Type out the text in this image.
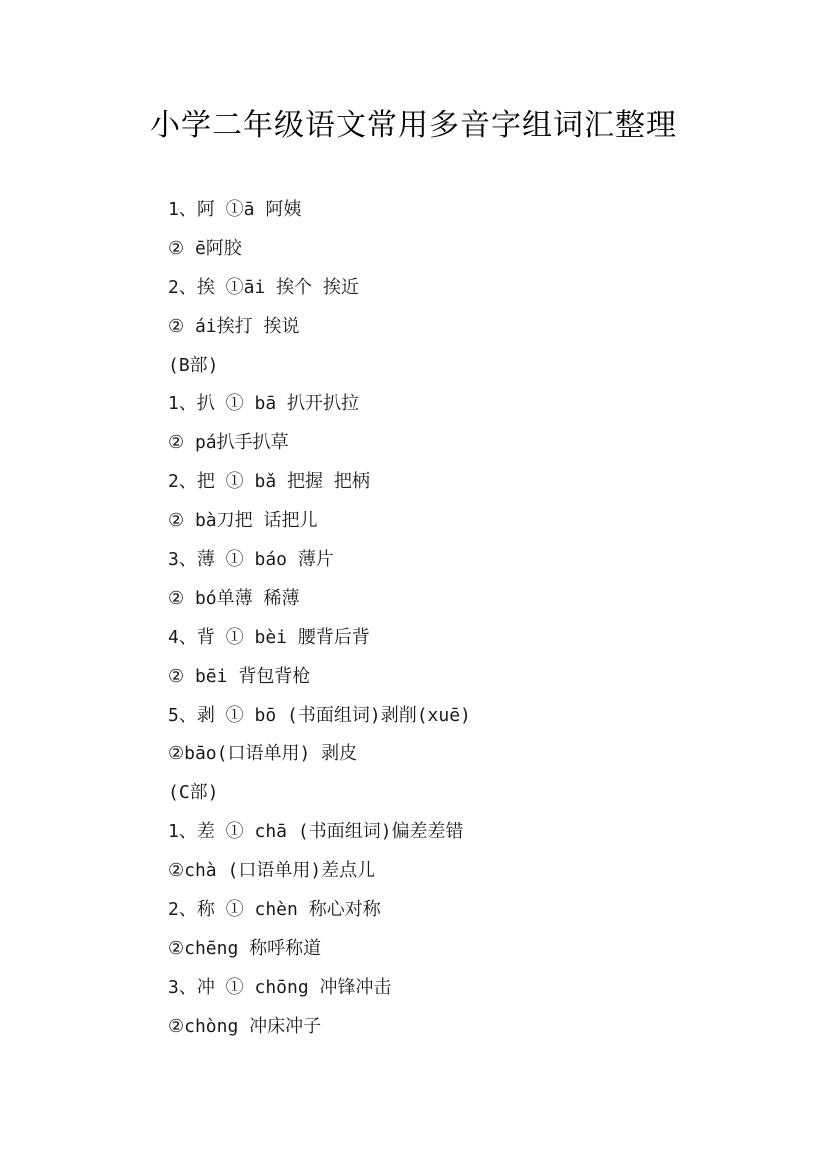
小学二年级语文常用多音字组词汇整理
1、阿 ①ā 阿姨
② ē阿胶
2、挨 ①āi 挨个 挨近
② ái挨打 挨说
(B部)
1、扒 ① bā 扒开扒拉
② pá扒手扒草
2、把 ① bǎ 把握 把柄
② bà刀把 话把儿
3、薄 ① báo 薄片
② bó单薄 稀薄
4、背 ① bèi 腰背后背
② bēi 背包背枪
5、剥 ① bō (书面组词)剥削(xuē)
②bāo(口语单用) 剥皮
(C部)
1、差 ① chā (书面组词)偏差差错
②chà (口语单用)差点儿
2、称 ① chèn 称心对称
②chēng 称呼称道
3、冲 ① chōng 冲锋冲击
②chòng 冲床冲子
